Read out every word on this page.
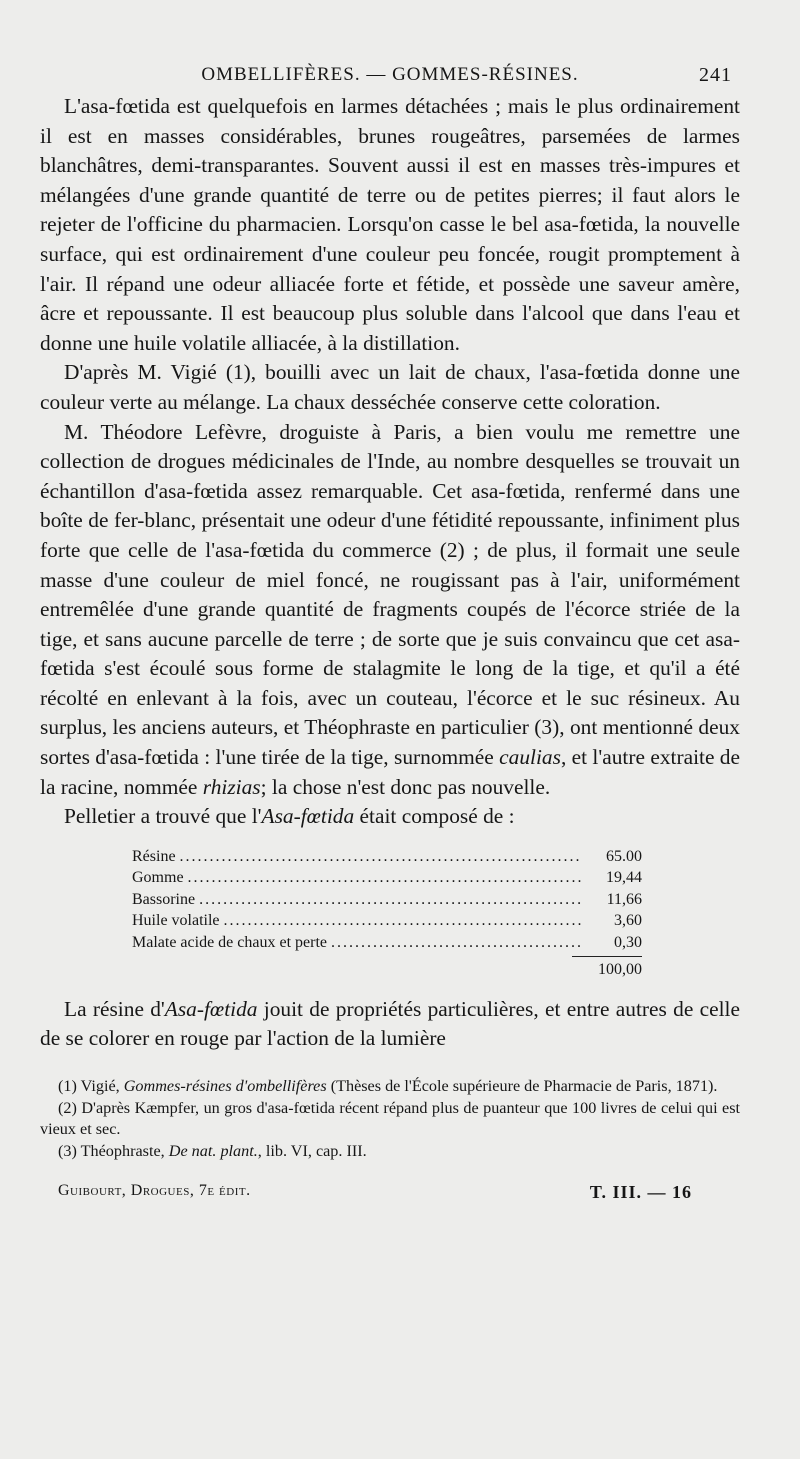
OMBELLIFÈRES. — GOMMES-RÉSINES.	241

L'asa-fœtida est quelquefois en larmes détachées ; mais le plus ordinairement il est en masses considérables, brunes rougeâtres, parsemées de larmes blanchâtres, demi-transparantes. Souvent aussi il est en masses très-impures et mélangées d'une grande quantité de terre ou de petites pierres; il faut alors le rejeter de l'officine du pharmacien. Lorsqu'on casse le bel asa-fœtida, la nouvelle surface, qui est ordinairement d'une couleur peu foncée, rougit promptement à l'air. Il répand une odeur alliacée forte et fétide, et possède une saveur amère, âcre et repoussante. Il est beaucoup plus soluble dans l'alcool que dans l'eau et donne une huile volatile alliacée, à la distillation.

D'après M. Vigié (1), bouilli avec un lait de chaux, l'asa-fœtida donne une couleur verte au mélange. La chaux desséchée conserve cette coloration.

M. Théodore Lefèvre, droguiste à Paris, a bien voulu me remettre une collection de drogues médicinales de l'Inde, au nombre desquelles se trouvait un échantillon d'asa-fœtida assez remarquable. Cet asa-fœtida, renfermé dans une boîte de fer-blanc, présentait une odeur d'une fétidité repoussante, infiniment plus forte que celle de l'asa-fœtida du commerce (2) ; de plus, il formait une seule masse d'une couleur de miel foncé, ne rougissant pas à l'air, uniformément entremêlée d'une grande quantité de fragments coupés de l'écorce striée de la tige, et sans aucune parcelle de terre ; de sorte que je suis convaincu que cet asa-fœtida s'est écoulé sous forme de stalagmite le long de la tige, et qu'il a été récolté en enlevant à la fois, avec un couteau, l'écorce et le suc résineux. Au surplus, les anciens auteurs, et Théophraste en particulier (3), ont mentionné deux sortes d'asa-fœtida : l'une tirée de la tige, surnommée caulias, et l'autre extraite de la racine, nommée rhizias; la chose n'est donc pas nouvelle.

Pelletier a trouvé que l'Asa-fœtida était composé de :

Résine .....	65.00
Gomme .....	19,44
Bassorine .....	11,66
Huile volatile .....	3,60
Malate acide de chaux et perte .....	0,30
100,00

La résine d'Asa-fœtida jouit de propriétés particulières, et entre autres de celle de se colorer en rouge par l'action de la lumière

(1) Vigié, Gommes-résines d'ombellifères (Thèses de l'École supérieure de Pharmacie de Paris, 1871).

(2) D'après Kæmpfer, un gros d'asa-fœtida récent répand plus de puanteur que 100 livres de celui qui est vieux et sec.

(3) Théophraste, De nat. plant., lib. VI, cap. III.

Guibourt, Drogues, 7e édit.	T. III. — 16
